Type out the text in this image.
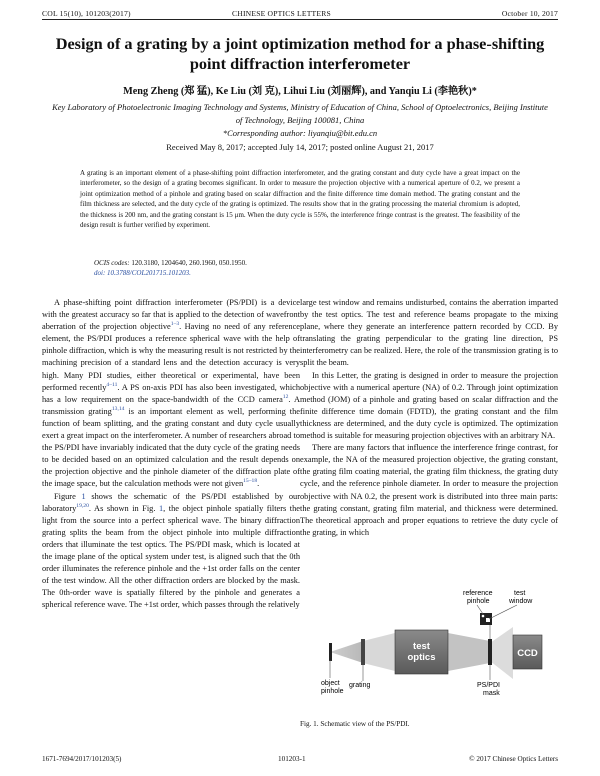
COL 15(10), 101203(2017)	CHINESE OPTICS LETTERS	October 10, 2017
Design of a grating by a joint optimization method for a phase-shifting point diffraction interferometer
Meng Zheng (郑 猛), Ke Liu (刘 克), Lihui Liu (刘丽辉), and Yanqiu Li (李艳秋)*
Key Laboratory of Photoelectronic Imaging Technology and Systems, Ministry of Education of China, School of Optoelectronics, Beijing Institute of Technology, Beijing 100081, China
*Corresponding author: liyanqiu@bit.edu.cn
Received May 8, 2017; accepted July 14, 2017; posted online August 21, 2017
A grating is an important element of a phase-shifting point diffraction interferometer, and the grating constant and duty cycle have a great impact on the interferometer, so the design of a grating becomes significant. In order to measure the projection objective with a numerical aperture of 0.2, we present a joint optimization method of a pinhole and grating based on scalar diffraction and the finite difference time domain method. The grating constant and the film thickness are selected, and the duty cycle of the grating is optimized. The results show that in the grating processing the material chromium is adopted, the thickness is 200 nm, and the grating constant is 15 μm. When the duty cycle is 55%, the interference fringe contrast is the greatest. The feasibility of the design result is further verified by experiment.
OCIS codes: 120.3180, 1204640, 260.1960, 050.1950.
doi: 10.3788/COL201715.101203.

A phase-shifting point diffraction interferometer (PS/PDI) is a device with the greatest accuracy so far that is applied to the detection of wavefront aberration of the projection objective$^{1-3}$. Having no need of any reference element, the PS/PDI produces a reference spherical wave with the help of pinhole diffraction, which is why the measuring result is not restricted by the machining precision of a standard lens and the detection accuracy is very high. Many PDI studies, either theoretical or experimental, have been performed recently$^{4-11}$. A PS on-axis PDI has also been investigated, which has a low requirement on the space-bandwidth of the CCD camera$^{12}$. A transmission grating$^{13,14}$ is an important element as well, performing the function of beam splitting, and the grating constant and duty cycle usually exert a great impact on the interferometer. A number of researchers abroad to the PS/PDI have invariably indicated that the duty cycle of the grating needs to be decided based on an optimized calculation and the result depends on the projection objective and the pinhole diameter of the diffraction plate of the image space, but the calculation methods were not given$^{15-18}$.

Figure 1 shows the schematic of the PS/PDI established by our laboratory$^{19,20}$. As shown in Fig. 1, the object pinhole spatially filters the light from the source into a perfect spherical wave. The binary diffraction grating splits the beam from the object pinhole into multiple diffraction orders that illuminate the test optics. The PS/PDI mask, which is located at the image plane of the optical system under test, is aligned such that the 0th order illuminates the reference pinhole and the +1st order falls on the center of the test window. All the other diffraction orders are blocked by the mask. The 0th-order wave is spatially filtered by the pinhole and generates a spherical reference wave. The +1st order, which passes through the relatively

large test window and remains undisturbed, contains the aberration imparted by the test optics. The test and reference beams propagate to the mixing plane, where they generate an interference pattern recorded by CCD. By translating the grating perpendicular to the grating line direction, PS interferometry can be realized. Here, the role of the transmission grating is to split the beam.

In this Letter, the grating is designed in order to measure the projection objective with a numerical aperture (NA) of 0.2. Through joint optimization method (JOM) of a pinhole and grating based on scalar diffraction and the finite difference time domain (FDTD), the grating constant and the film thickness are determined, and the duty cycle is optimized. The optimization method is suitable for measuring projection objectives with an arbitrary NA.

There are many factors that influence the interference fringe contrast, for example, the NA of the measured projection objective, the grating constant, the grating film coating material, the grating film thickness, the grating duty cycle, and the reference pinhole diameter. In order to measure the projection objective with NA 0.2, the present work is distributed into three main parts: the grating constant, grating film material, and thickness were determined. The theoretical approach and proper equations to retrieve the duty cycle of the grating, in which

object pinhole
grating
test optics
PS/PDI mask
reference pinhole
test window
CCD
Fig. 1. Schematic view of the PS/PDI.
1671-7694/2017/101203(5)	101203-1	© 2017 Chinese Optics Letters
